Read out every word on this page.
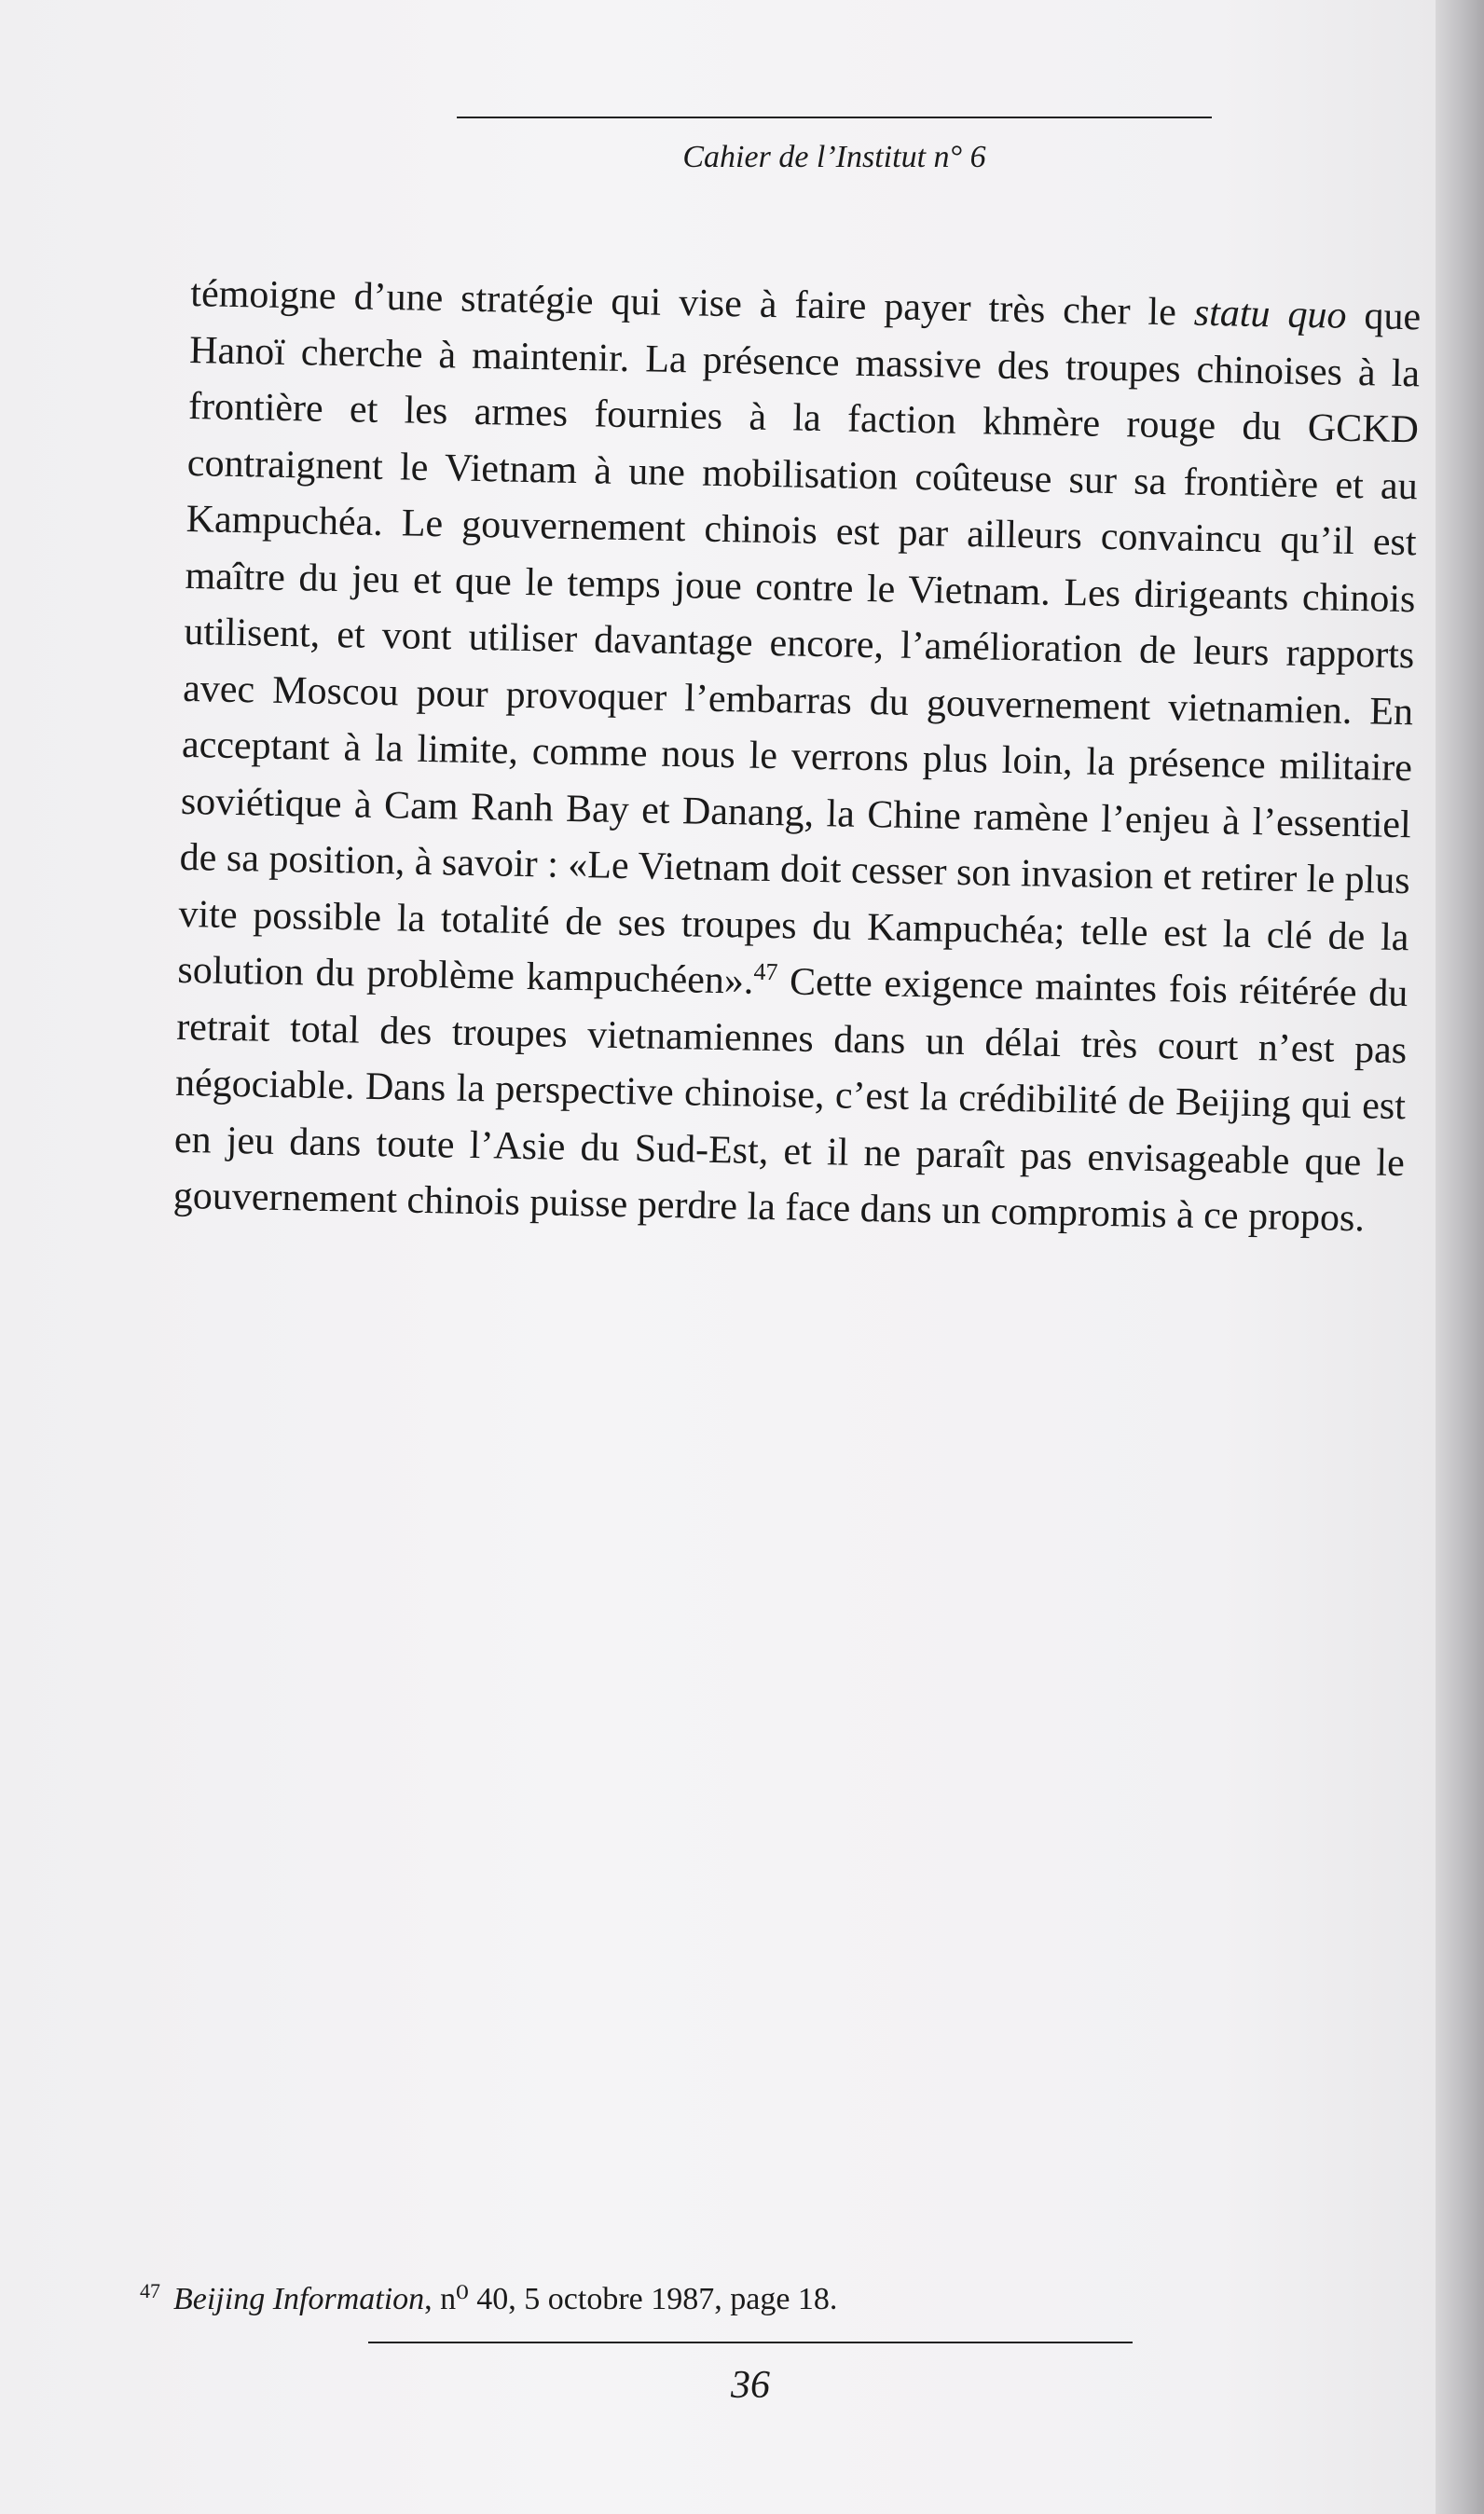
Cahier de l’Institut n° 6

témoigne d’une stratégie qui vise à faire payer très cher le statu quo que Hanoï cherche à maintenir. La présence massive des troupes chinoises à la frontière et les armes fournies à la faction khmère rouge du GCKD contraignent le Vietnam à une mobilisation coûteuse sur sa frontière et au Kampuchéa. Le gouvernement chinois est par ailleurs convaincu qu’il est maître du jeu et que le temps joue contre le Vietnam. Les dirigeants chinois utilisent, et vont utiliser davantage encore, l’amélioration de leurs rapports avec Moscou pour provoquer l’embarras du gouvernement vietnamien. En acceptant à la limite, comme nous le verrons plus loin, la présence militaire soviétique à Cam Ranh Bay et Danang, la Chine ramène l’enjeu à l’essentiel de sa position, à savoir : «Le Vietnam doit cesser son invasion et retirer le plus vite possible la totalité de ses troupes du Kampuchéa; telle est la clé de la solution du problème kampuchéen».$^{47}$ Cette exigence maintes fois réitérée du retrait total des troupes vietnamiennes dans un délai très court n’est pas négociable. Dans la perspective chinoise, c’est la crédibilité de Beijing qui est en jeu dans toute l’Asie du Sud-Est, et il ne paraît pas envisageable que le gouvernement chinois puisse perdre la face dans un compromis à ce propos.

$^{47}$ Beijing Information, n⁰ 40, 5 octobre 1987, page 18.
36
